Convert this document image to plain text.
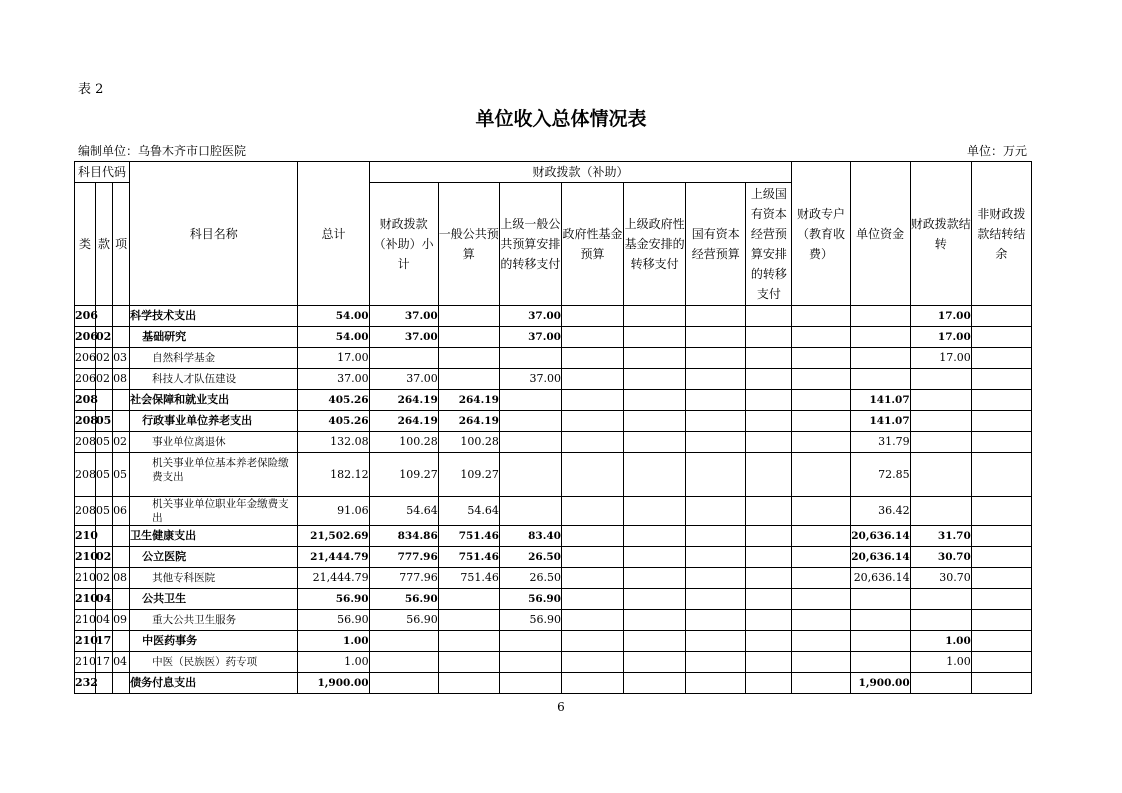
表 2
单位收入总体情况表
编制单位：乌鲁木齐市口腔医院	单位：万元
科目代码			科目名称	总计	财政拨款（补助）							财政专户（教育收费）	单位资金	财政拨款结转	非财政拨款结转结余
类	款	项			财政拨款（补助）小计	一般公共预算	上级一般公共预算安排的转移支付	政府性基金预算	上级政府性基金安排的转移支付	国有资本经营预算	上级国有资本经营预算安排的转移支付				
206			科学技术支出	54.00	37.00		37.00							17.00	
206	02		基础研究	54.00	37.00		37.00							17.00	
206	02	03	自然科学基金	17.00										17.00	
206	02	08	科技人才队伍建设	37.00	37.00		37.00								
208			社会保障和就业支出	405.26	264.19	264.19							141.07		
208	05		行政事业单位养老支出	405.26	264.19	264.19							141.07		
208	05	02	事业单位离退休	132.08	100.28	100.28							31.79		
208	05	05	机关事业单位基本养老保险缴费支出	182.12	109.27	109.27							72.85		
208	05	06	机关事业单位职业年金缴费支出	91.06	54.64	54.64							36.42		
210			卫生健康支出	21,502.69	834.86	751.46	83.40						20,636.14	31.70	
210	02		公立医院	21,444.79	777.96	751.46	26.50						20,636.14	30.70	
210	02	08	其他专科医院	21,444.79	777.96	751.46	26.50						20,636.14	30.70	
210	04		公共卫生	56.90	56.90		56.90								
210	04	09	重大公共卫生服务	56.90	56.90		56.90								
210	17		中医药事务	1.00										1.00	
210	17	04	中医（民族医）药专项	1.00										1.00	
232			债务付息支出	1,900.00									1,900.00		
6
